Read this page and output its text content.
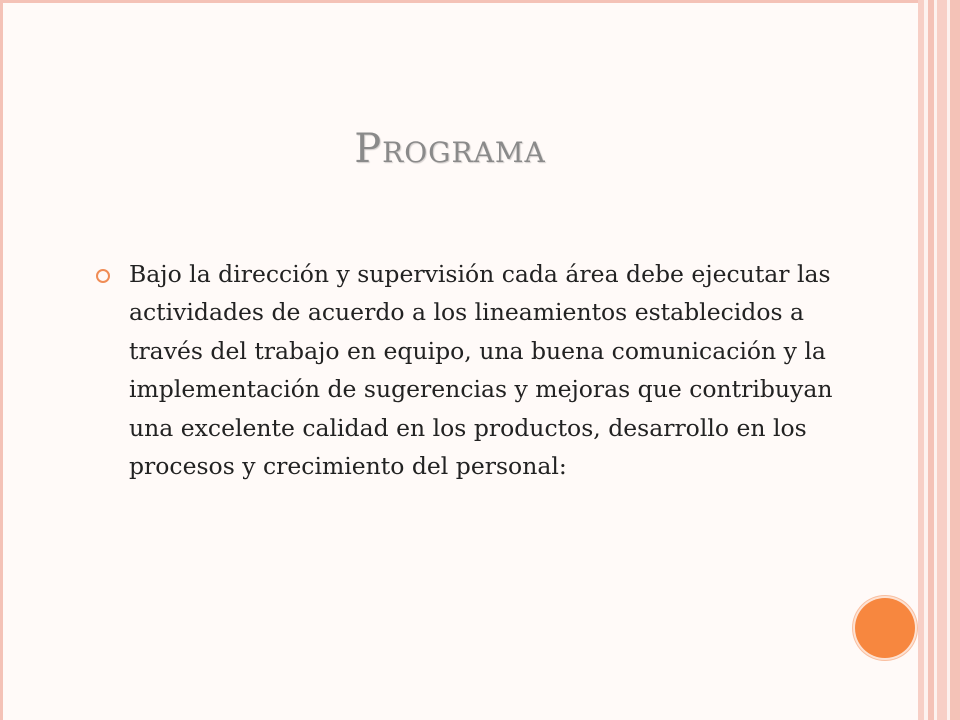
Programa
Bajo la dirección y supervisión cada área debe ejecutar las actividades de acuerdo a los lineamientos establecidos a través del trabajo en equipo, una buena comunicación y la implementación de sugerencias y mejoras que contribuyan una excelente calidad en los productos, desarrollo en los procesos y crecimiento del personal:
